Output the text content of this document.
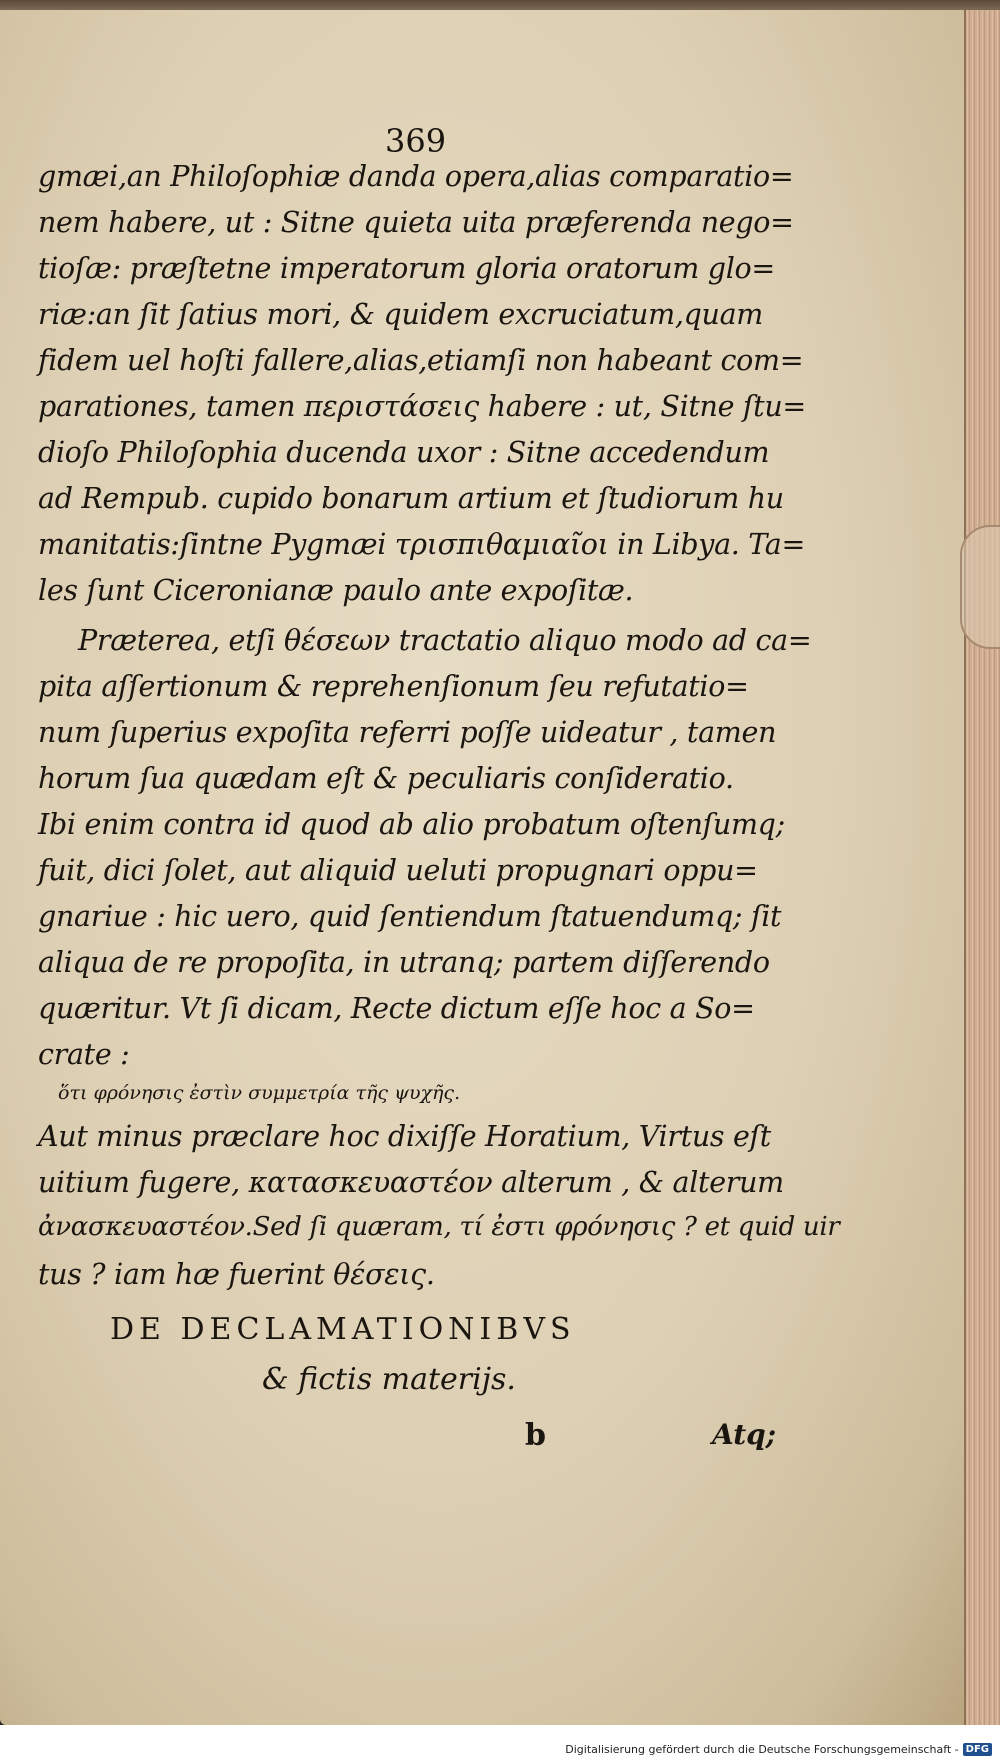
369
gmæi,an Philoſophiæ danda opera,alias comparatio=
nem habere, ut : Sitne quieta uita præferenda nego=
tioſæ: præſtetne imperatorum gloria oratorum glo=
riæ:an ſit ſatius mori, & quidem excruciatum,quam
fidem uel hoſti fallere,alias,etiamſi non habeant com=
parationes, tamen περιστάσεις habere : ut, Sitne ſtu=
dioſo Philoſophia ducenda uxor : Sitne accedendum
ad Rempub. cupido bonarum artium et ſtudiorum hu
manitatis:ſintne Pygmæi τρισπιθαμιαῖοι in Libya. Ta=
les ſunt Ciceronianæ paulo ante expoſitæ.
Præterea, etſi θέσεων tractatio aliquo modo ad ca=
pita aſſertionum & reprehenſionum ſeu refutatio=
num ſuperius expoſita referri poſſe uideatur , tamen
horum ſua quædam eſt & peculiaris conſideratio.
Ibi enim contra id quod ab alio probatum oſtenſumq;
fuit, dici ſolet, aut aliquid ueluti propugnari oppu=
gnariue : hic uero, quid ſentiendum ſtatuendumq; ſit
aliqua de re propoſita, in utranq; partem diſſerendo
quæritur. Vt ſi dicam, Recte dictum eſſe hoc a So=
crate :
ὅτι φρόνησις ἐστὶν συμμετρία τῆς ψυχῆς.
Aut minus præclare hoc dixiſſe Horatium, Virtus eſt
uitium fugere, κατασκευαστέον alterum , & alterum
ἀνασκευαστέον.Sed ſi quæram, τί ἐστι φρόνησις ? et quid uir
tus ? iam hæ fuerint θέσεις.
DE DECLAMATIONIBVS
& fictis materijs.
b	Atq;
Digitalisierung gefördert durch die Deutsche Forschungsgemeinschaft - DFG
